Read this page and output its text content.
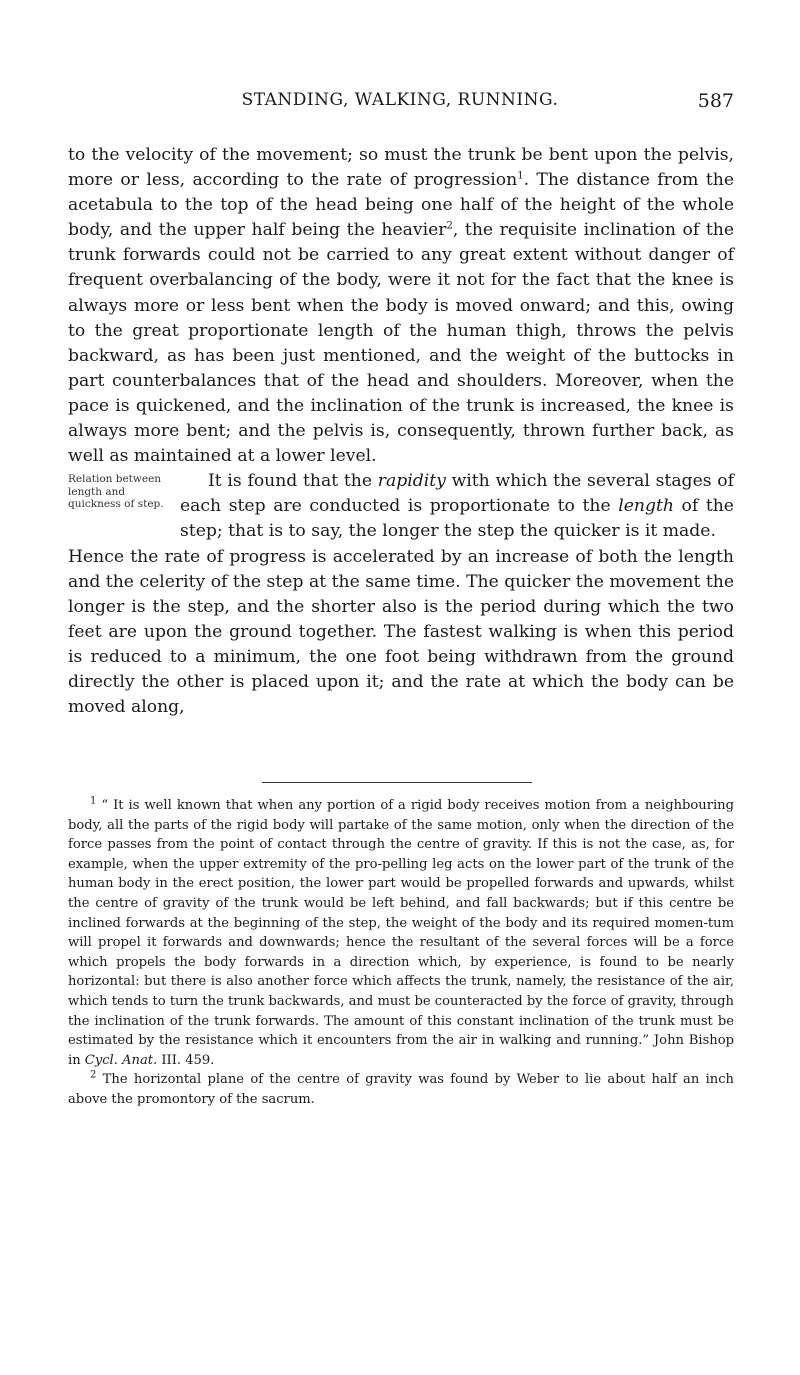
STANDING, WALKING, RUNNING.	587

to the velocity of the movement; so must the trunk be bent upon the pelvis, more or less, according to the rate of progression$^1$. The distance from the acetabula to the top of the head being one half of the height of the whole body, and the upper half being the heavier$^2$, the requisite inclination of the trunk forwards could not be carried to any great extent without danger of frequent overbalancing of the body, were it not for the fact that the knee is always more or less bent when the body is moved onward; and this, owing to the great proportionate length of the human thigh, throws the pelvis backward, as has been just mentioned, and the weight of the buttocks in part counterbalances that of the head and shoulders. Moreover, when the pace is quickened, and the inclination of the trunk is increased, the knee is always more bent; and the pelvis is, consequently, thrown further back, as well as maintained at a lower level.

Relation between length and quickness of step.

It is found that the rapidity with which the several stages of each step are conducted is proportionate to the length of the step; that is to say, the longer the step the quicker is it made.

Hence the rate of progress is accelerated by an increase of both the length and the celerity of the step at the same time. The quicker the movement the longer is the step, and the shorter also is the period during which the two feet are upon the ground together. The fastest walking is when this period is reduced to a minimum, the one foot being withdrawn from the ground directly the other is placed upon it; and the rate at which the body can be moved along,

$^1$ “ It is well known that when any portion of a rigid body receives motion from a neighbouring body, all the parts of the rigid body will partake of the same motion, only when the direction of the force passes from the point of contact through the centre of gravity. If this is not the case, as, for example, when the upper extremity of the pro-pelling leg acts on the lower part of the trunk of the human body in the erect position, the lower part would be propelled forwards and upwards, whilst the centre of gravity of the trunk would be left behind, and fall backwards; but if this centre be inclined forwards at the beginning of the step, the weight of the body and its required momen-tum will propel it forwards and downwards; hence the resultant of the several forces will be a force which propels the body forwards in a direction which, by experience, is found to be nearly horizontal: but there is also another force which affects the trunk, namely, the resistance of the air, which tends to turn the trunk backwards, and must be counteracted by the force of gravity, through the inclination of the trunk forwards. The amount of this constant inclination of the trunk must be estimated by the resistance which it encounters from the air in walking and running.” John Bishop in Cycl. Anat. III. 459.

$^2$ The horizontal plane of the centre of gravity was found by Weber to lie about half an inch above the promontory of the sacrum.
